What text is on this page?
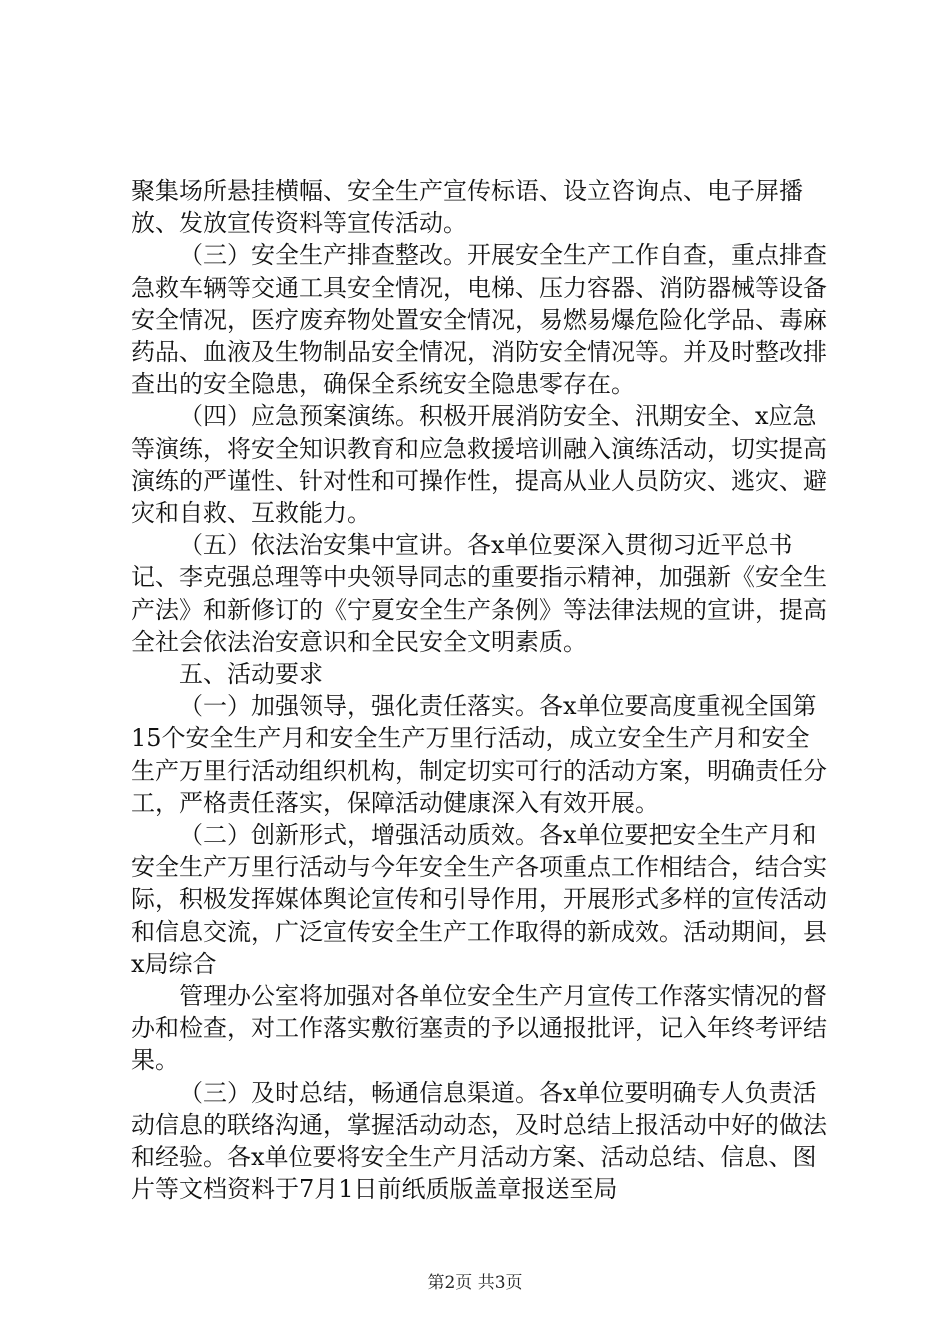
聚集场所悬挂横幅、安全生产宣传标语、设立咨询点、电子屏播放、发放宣传资料等宣传活动。

（三）安全生产排查整改。开展安全生产工作自查，重点排查急救车辆等交通工具安全情况，电梯、压力容器、消防器械等设备安全情况，医疗废弃物处置安全情况，易燃易爆危险化学品、毒麻药品、血液及生物制品安全情况，消防安全情况等。并及时整改排查出的安全隐患，确保全系统安全隐患零存在。

（四）应急预案演练。积极开展消防安全、汛期安全、x应急等演练，将安全知识教育和应急救援培训融入演练活动，切实提高演练的严谨性、针对性和可操作性，提高从业人员防灾、逃灾、避灾和自救、互救能力。

（五）依法治安集中宣讲。各x单位要深入贯彻习近平总书记、李克强总理等中央领导同志的重要指示精神，加强新《安全生产法》和新修订的《宁夏安全生产条例》等法律法规的宣讲，提高全社会依法治安意识和全民安全文明素质。

五、活动要求

（一）加强领导，强化责任落实。各x单位要高度重视全国第15个安全生产月和安全生产万里行活动，成立安全生产月和安全生产万里行活动组织机构，制定切实可行的活动方案，明确责任分工，严格责任落实，保障活动健康深入有效开展。

（二）创新形式，增强活动质效。各x单位要把安全生产月和安全生产万里行活动与今年安全生产各项重点工作相结合，结合实际，积极发挥媒体舆论宣传和引导作用，开展形式多样的宣传活动和信息交流，广泛宣传安全生产工作取得的新成效。活动期间，县x局综合

管理办公室将加强对各单位安全生产月宣传工作落实情况的督办和检查，对工作落实敷衍塞责的予以通报批评，记入年终考评结果。

（三）及时总结，畅通信息渠道。各x单位要明确专人负责活动信息的联络沟通，掌握活动动态，及时总结上报活动中好的做法和经验。各x单位要将安全生产月活动方案、活动总结、信息、图片等文档资料于7月1日前纸质版盖章报送至局

第2页 共3页
